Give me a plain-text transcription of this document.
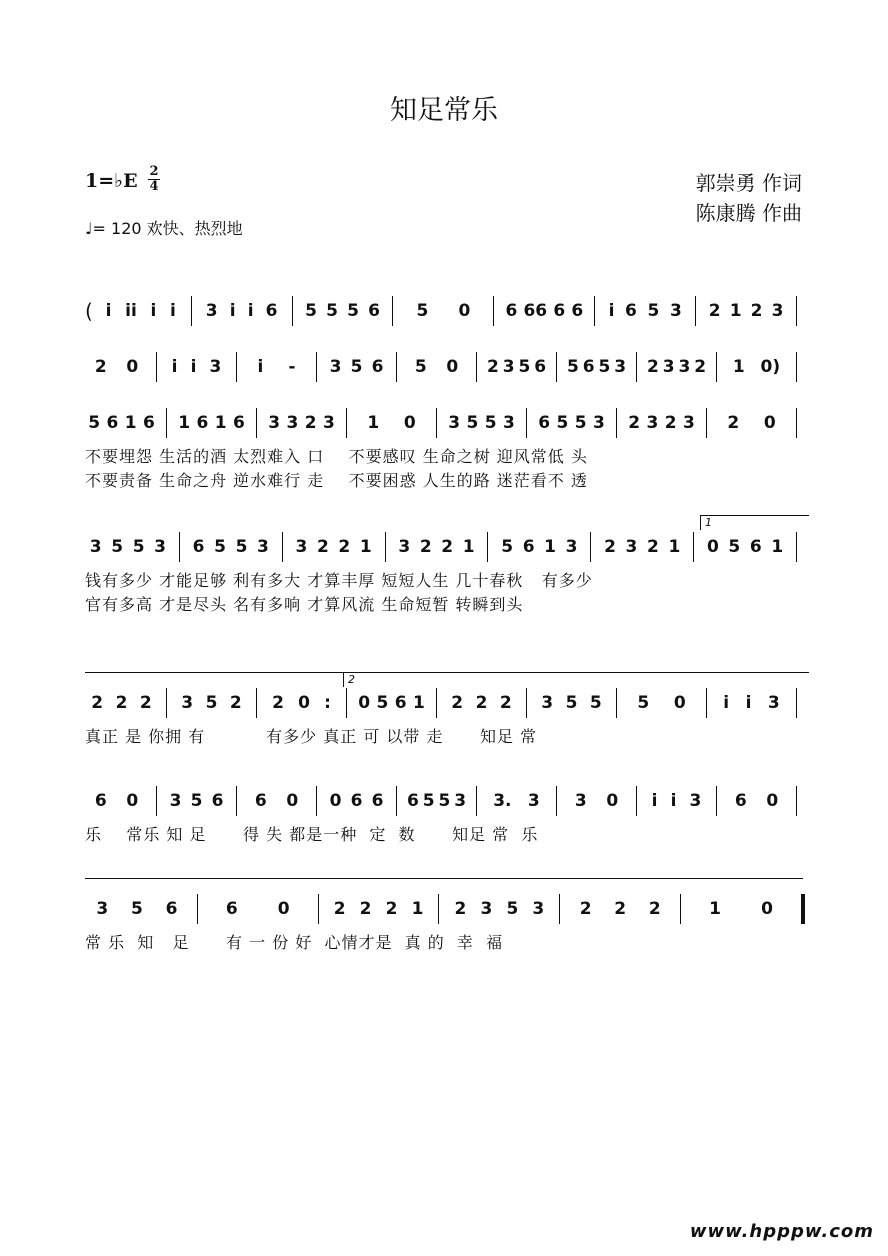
知足常乐
1=♭E 2
4
♩= 120 欢快、热烈地
郭崇勇 作词
陈康腾 作曲
( i ii i i 3 i i 6 5 5 5 6 5 0 6 66 6 6 i 6 5 3 2 1 2 3
2 0 i i 3 i - 3 5 6 5 0 2 3 5 6 5 6 5 3 2 3 3 2 1 0)
5 6 1 6 1 6 1 6 3 3 2 3 1 0 3 5 5 3 6 5 5 3 2 3 2 3 2 0
不要埋怨 生活的酒 太烈难入 口    不要感叹 生命之树 迎风常低 头
不要责备 生命之舟 逆水难行 走    不要困惑 人生的路 迷茫看不 透
1
3 5 5 3 6 5 5 3 3 2 2 1 3 2 2 1 5 6 1 3 2 3 2 1 0 5 6 1
钱有多少 才能足够 利有多大 才算丰厚 短短人生 几十春秋   有多少
官有多高 才是尽头 名有多响 才算风流 生命短暂 转瞬到头
2
2 2 2 3 5 2 2 0 : 0 5 6 1 2 2 2 3 5 5 5 0 i i 3
真正 是 你拥 有          有多少 真正 可 以带 走      知足 常
6 0 3 5 6 6 0 0 6 6 6 5 5 3 3. 3 3 0 i i 3 6 0
乐    常乐 知 足      得 失 都是一种  定  数      知足 常  乐
3 5 6	6 0	2 2 2 1 2 3 5 3 2 2 2	1 0
常 乐  知   足      有 一 份 好  心情才是  真 的  幸  福
www.hpppw.com
